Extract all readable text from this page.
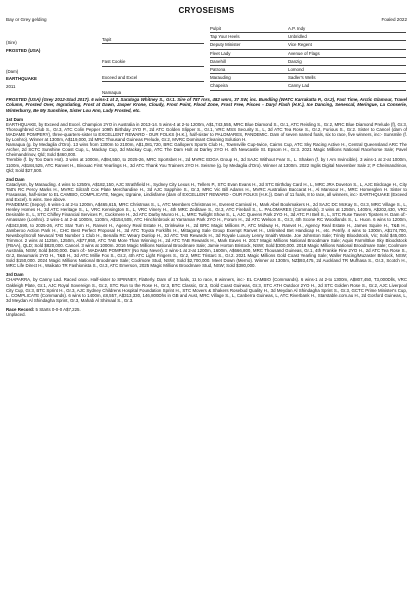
CRYOSEISMS
Bay or Grey gelding	Foaled 2022
(Sire)
FROSTED (USA)
(Dam)
EARTHQUAKE
2011
Tapit
Fast Cookie
Exceed and Excel
Namaqua
Pulpit
Tap Your Heels
Deputy Minister
Fleet Lady
Danehill
Patrona
Marauding
Chapeira
A.P. Indy
Unbridled
Vice Regent
Avenue of Flags
Danzig
Lomond
Sadler's Wells
Canny Lad

FROSTED (USA) (Grey 2012-Stud 2017). 6 wins-1 at 2, Saratoga Whitney S., Gr.1. Sire of 787 rnrs, 482 wnrs, 37 SW, inc. Bundling (WATC Karrakatta P., Gr.2), Fast Time, Arctic Glamour, Travel Column, Frosted Over, Ingratiating, Frost at Dawn, Jasper Krone, Cloudy, Frost Point, Flood Zone, Frost Free, Pisces - Daryl Flash (H.K.), Ice Dancing, Senescal, Meringue, La Conserie, Winterburry, Be My Sunshine, Sister Lou Ann, Lady Frosted, etc.

1st Dam

EARTHQUAKE, by Exceed and Excel. Champion 2YO in Australia in 2013-14. 5 wins-4 at 2-to 1200m, A$1,743,555, MRC Blue Diamond S., Gr.1, ATC Reisling S., Gr.2, MRC Blue Diamond Prelude (f), Gr.3, Thoroughbred Club S., Gr.3, ATC Colin Pepper 109th Birthday 2YO P., 2d ATC Golden Slipper S., Gr.1, VRC MSS Security S., L, 3d ATC Tea Rose S., Gr.2, Furious S., Gr.2. Sister to Cancel (dam of MADAME POMPERY), three-quarters-sister to EXCELLENT REWARD - OUR FOLKS (H.K.), half-sister to PALOMARES, PANDEMIC. Dam of seven named foals, six to race, five winners, inc:- Sunsmile (f. by Lonhro). Winner at 1300m, A$119,000, 2d MRC Thousand Guineas Prelude, Gr.2, MVRC Dominant Cleaning Solution H.

Namaqua (g. by Medaglia d'Oro). 13 wins from 1300m to 2100m, A$1,081,720, BRC Gallopers Sports Club H., Townsville Cup-twice, Cairns Cup, ATC Sky Racing Active H., Central Queensland ARC The Archer, 2d SCTC Sunshine Coast Cup, L, Mackay Cup, 3d Mackay Cup, ATC The Dam Holt at Darley 2YO H. 4th Newcastle St. Epsom H., Gr.3. 2021 Magic Millions National Racehorse Sale; Pavel Cheimandrinov, Qld; Sold $460,000.

Tremble (f. by Too Darn Hot). 3 wins at 1000m, A$94,550, to 2025-26, MRC Sportsbet H., 2d MVRC EDGA Group H., 3d SAJC Without Fear S., L. Shaken (f. by I Am Invincible). 3 wins-1 at 2-at 1000m, 1100m, A$184,525, ATC Ranvet H., Bivouac First Yearlings H., 3d ATC Thank You Trainers 2YO H. Seisme (g. by Medaglia d'Oro). Winner at 1300m. 2022 Inglis Digital November Sale 2; P Cheimandrinov, Qld; Sold $27,500.

2nd Dam

Cataclysm, by Marauding. 4 wins to 1250m, A$182,150, AJC Strathfield H., Sydney City Lexus H., Tellers P., STC Evan Evans H., 2d STC Birthday Card H., L, MRC JRA Doveton S., L, AJC Birdcage H., City Tatt's RC Percy Marks H., MVRC Silcraft Cox Plate Merchandise H., 3d AJC Sapphire S., Gr.3, MRC Vic Bill Adams H., MVRC Australian Baccarat H., Al Mansour H., MRC Homesglen H. Sister to Frasassas, half-sister to EL CAMBIO, COMPLICATE, Negev, Izgraine, Lindisfarne (dam of EXCELLENT REWARD - OUR FOLKS (H.K.)). Dam of 11 foals, 8 to race, all winners, inc:- EARTHQUAKE (Exceed and Excel). 5 wins. See above.

PANDEMIC (Sepoy). 6 wins-1 at 2-to 1200m, A$465,615, MRC Christmas S., L, ATC Members Christmas H., Everest Carnival H., Mark Abel Bookmakers H., 2d SAJC DC McKay S., Gr.3, MRC Village S., L, Henley Homes H., 3d ATC Heritage S., L, VRC Kensington S., L, VRC Vinery H., 4th MRC Zeditave S., Gr.3, ATC Fireball S., L. PALOMARES (Commands). 3 wins at 1250m, 1400m, A$202,430, VRC Desirable S., L, STC Chifley Financial Services P., Cuckmere H., 2d ATC Darby Munro H., L, MRC Twilight Show S., L, AJC Queens Park 2YO H., 3d ATC P.I Bell S., L, STC Ruse Tavern Tipsters H. Dam of:- Amassare (Lonhro). 2 wins-1 at 2-at 1000m, 1100m, A$154,505, ATC Hinchinbrook at Yarraman Park 2YO H., Forum H., 2d ATC Welson S., Gr.3, 4th Scone RC Woodlands S., L. Huon. 6 wins to 1200m, A$343,590, to 2025-26, ATC Star Turn H., Ranvet H., Agency Real Estate H., Drinkwise H., 2d BRC Magic Millions P., ATC Midway H., Ranvet H., Agency Real Estate H., James Squire H., T&B H., Jamberoo Action Park H., CHC Best Perfect Proposal H., 3d ATC Toyota Forklifts H., Mittagong Sale Group Exempt Ranvet H., Unlimited Bet Handicap H., etc. Petrify. 4 wins to 1300m, A$174,700, Newsboy/Scroll Nevacal TAB Number 1 Club H., Benalla RC Weary Dunlop H., 2d ATC TAB Rewards H., 3d Royale Luxury Lenny Snaith Waste. Joe Johnston Sale; Trinity Bloodstock, Vic; Sold $45,000. Trimmor. 2 wins at 1125m, 1250m, A$77,950, ATC TAB More Than Winning H., 2d ATC TAB Rewards H., Mark Eaves H. 2017 Magic Millions National Broodmare Sale; Aquis Farm/Blue Sky Bloodstock (FBAA), QLD; Sold $820,000. Cancel. 3 wins at 1000m. 2016 Magic Millions National Broodmare Sale; Jamie Horton Bristock, NSW; Sold $300,000. 2018 Magic Millions National Broodmare Sale; Coolmore Australia, NSW; Sold $400,000. Dam of:- MADAME POMPERY (No Nay Never). 2 wins-1 at 2-at 1200m, 1600m, A$666,800, MRC Thousand Guineas, Gr.1, 4th Frankie Fine 2YO H., 2d ATC Tea Rose S., Gr.2, Beaumaris 2YO H., T&B H., 3d ATC Millie Fox S., Gr.2, 4th ATC Light Fingers S., Gr.2, MRC Tristarc S., Gr.2. 2021 Magic Millions Gold Coast Yearling Sale; Waller Racing/Muzaster Brislock, NSW; Sold $150,000. 2024 Magic Millions National Broodmare Sale; Coolmore Stud, NSW; Sold $2,700,000. Meet Down (Merno). Winner at 1300m, NZ$93,475, 2d Auckland TR Mufhasa S., Gr.3, Scotch H., MRC Life Direct H., Waikato TR Fashionista S., Gr.3, ATC Emerson, 2025 Magic Millions Broodmare Stud, NSW; Sold $380,000.

3rd Dam

CHAPARRA, by Canny Lad. Raced once. Half-sister to SPINNEY, Flatterly. Dam of 13 foals, 11 to race, 8 winners, inc:- EL CAMBIO (Commands). 6 wins-1 at 2-to 1300m, A$807,450, T3,000Dlls, VRC Oakleigh Plate, Gr.1, AJC Royal Sovereign S., Gr.2, STC Run to the Rose H., Gr.3, BTC Classic, Gr.3, Gold Coast Guineas, Gr.3, STC ATH Outdoor 2YO H., 2d STC Golden Rose S., Gr.2, AJC Liverpool City Cup, Gr.3, BTC Sprint H., Gr.3, AJC Sydney Childrens Hospital Foundation Sprint H., STC Movers & Shakers Rosebud Quality H., 3d Meydan Al Shindagha Sprint S., Gr.3, GCTC Prime Minister's Cup, L. COMPLICATE (Commands). 6 wins to 1400m, £8,557, A$313,330, 146,800Dhs in GB and Aust, MRC Village S., L, Canberra Guineas, L, ATC Riverbank H., Starstable.com.au H., 2d Gosford Guineas, L, 3d Meydan Al Shindagha Sprint, Gr.3, Mahab Al Shimaal S., Gr.3.

Race Record: 5 Starts 0-0-0 A$7,225.
Unplaced.
